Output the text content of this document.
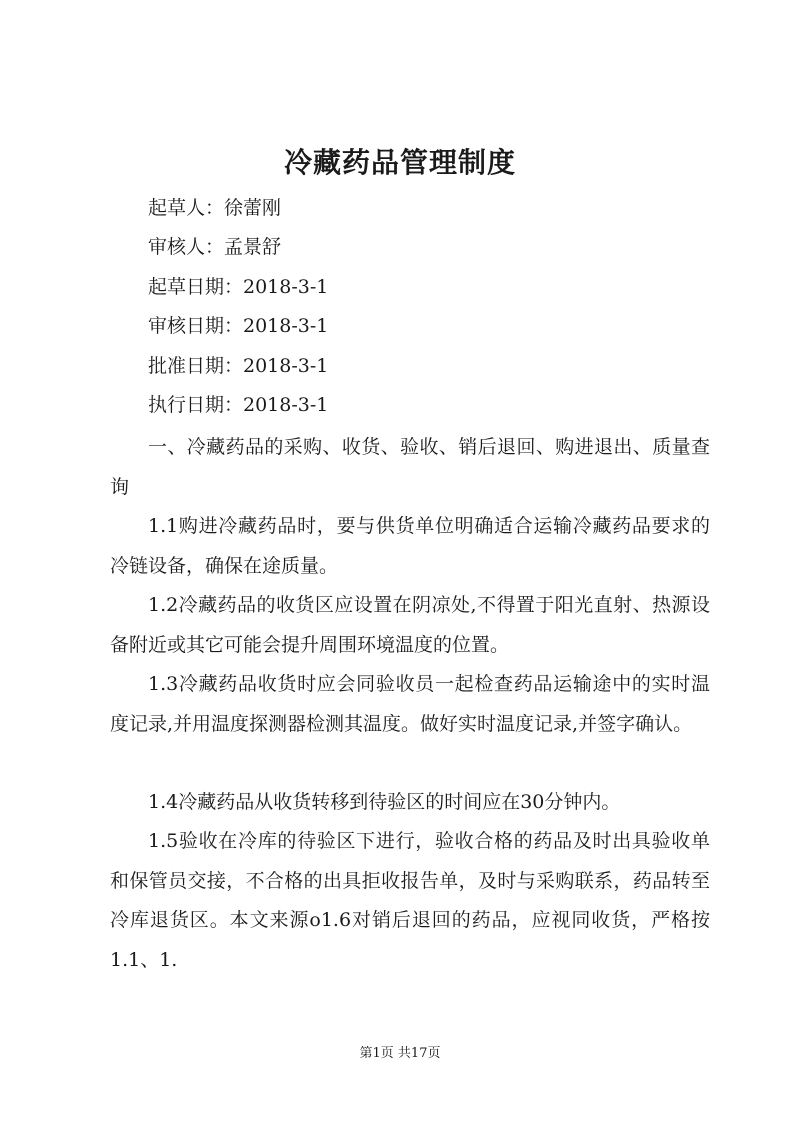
冷藏药品管理制度
起草人：徐蕾刚
审核人：孟景舒
起草日期：2018-3-1
审核日期：2018-3-1
批准日期：2018-3-1
执行日期：2018-3-1

一、冷藏药品的采购、收货、验收、销后退回、购进退出、质量查询

1.1购进冷藏药品时，要与供货单位明确适合运输冷藏药品要求的冷链设备，确保在途质量。

1.2冷藏药品的收货区应设置在阴凉处,不得置于阳光直射、热源设备附近或其它可能会提升周围环境温度的位置。

1.3冷藏药品收货时应会同验收员一起检查药品运输途中的实时温度记录,并用温度探测器检测其温度。做好实时温度记录,并签字确认。

1.4冷藏药品从收货转移到待验区的时间应在30分钟内。

1.5验收在冷库的待验区下进行，验收合格的药品及时出具验收单和保管员交接，不合格的出具拒收报告单，及时与采购联系，药品转至冷库退货区。本文来源o1.6对销后退回的药品，应视同收货，严格按1.1、1.

第1页 共17页
